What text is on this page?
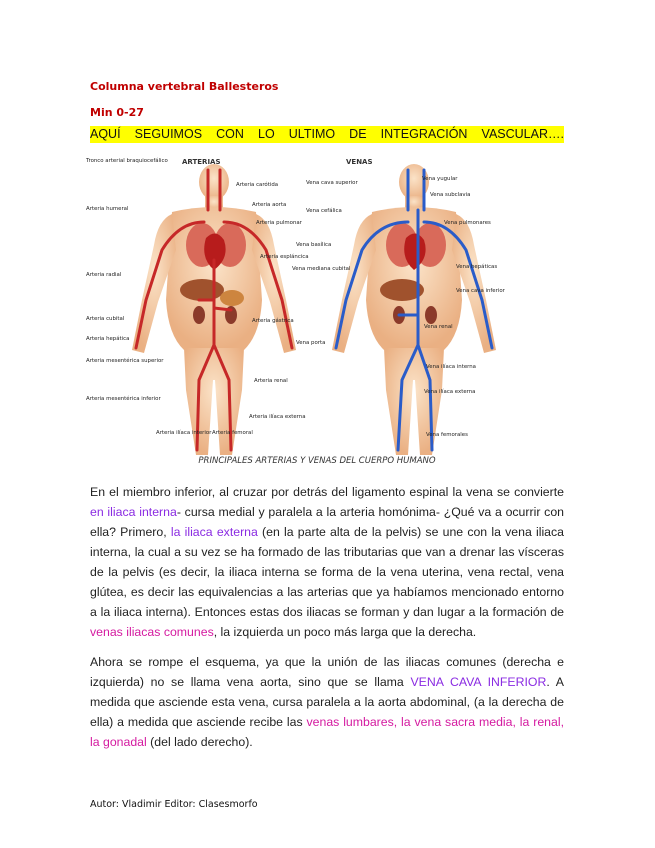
Columna vertebral Ballesteros
Min 0-27
AQUÍ SEGUIMOS CON LO ULTIMO DE INTEGRACIÓN VASCULAR….
ARTERIAS	VENAS
Tronco arterial braquiocefálico
Arteria carótida
Arteria humeral
Arteria aorta
Arteria pulmonar
Arteria radial
Arteria espláncica
Arteria cubital
Arteria hepática
Arteria mesentérica superior
Arteria gástrica
Arteria renal
Arteria mesentérica inferior
Arteria ilíaca externa
Arteria ilíaca interior Arteria femoral
Vena cava superior
Vena yugular
Vena subclavia
Vena cefálica
Vena pulmonares
Vena basílica
Vena mediana cubital	Vena hepáticas
Vena cava inferior
Vena porta
Vena renal
Vena ilíaca interna
Vena ilíaca externa
Vena femorales
PRINCIPALES ARTERIAS Y VENAS DEL CUERPO HUMANO

En el miembro inferior, al cruzar por detrás del ligamento espinal la vena se convierte en iliaca interna- cursa medial y paralela a la arteria homónima- ¿Qué va a ocurrir con ella? Primero, la iliaca externa (en la parte alta de la pelvis) se une con la vena iliaca interna, la cual a su vez se ha formado de las tributarias que van a drenar las vísceras de la pelvis (es decir, la iliaca interna se forma de la vena uterina, vena rectal, vena glútea, es decir las equivalencias a las arterias que ya habíamos mencionado entorno a la iliaca interna). Entonces estas dos iliacas se forman y dan lugar a la formación de venas iliacas comunes, la izquierda un poco más larga que la derecha.

Ahora se rompe el esquema, ya que la unión de las iliacas comunes (derecha e izquierda) no se llama vena aorta, sino que se llama VENA CAVA INFERIOR. A medida que asciende esta vena, cursa paralela a la aorta abdominal, (a la derecha de ella) a medida que asciende recibe las venas lumbares, la vena sacra media, la renal, la gonadal (del lado derecho).

Autor: Vladimir Editor: Clasesmorfo
